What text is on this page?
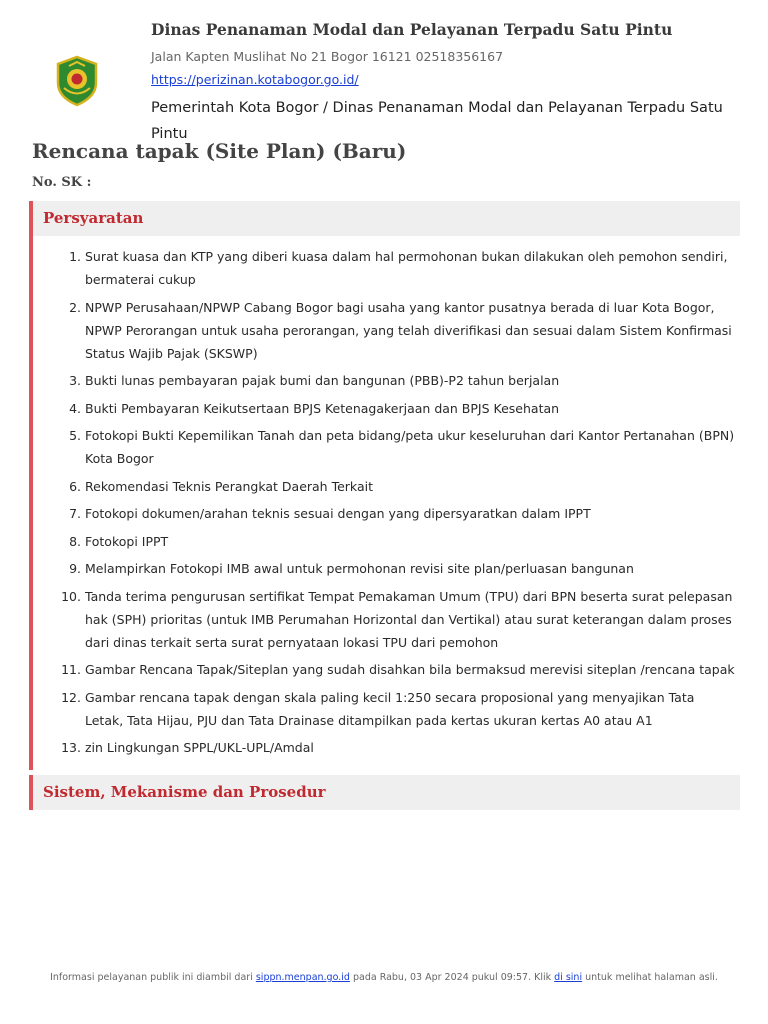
Dinas Penanaman Modal dan Pelayanan Terpadu Satu Pintu
Jalan Kapten Muslihat No 21 Bogor 16121 02518356167
https://perizinan.kotabogor.go.id/
Pemerintah Kota Bogor / Dinas Penanaman Modal dan Pelayanan Terpadu Satu Pintu
Rencana tapak (Site Plan) (Baru)
No. SK :
Persyaratan
1. Surat kuasa dan KTP yang diberi kuasa dalam hal permohonan bukan dilakukan oleh pemohon sendiri, bermaterai cukup
2. NPWP Perusahaan/NPWP Cabang Bogor bagi usaha yang kantor pusatnya berada di luar Kota Bogor, NPWP Perorangan untuk usaha perorangan, yang telah diverifikasi dan sesuai dalam Sistem Konfirmasi Status Wajib Pajak (SKSWP)
3. Bukti lunas pembayaran pajak bumi dan bangunan (PBB)-P2 tahun berjalan
4. Bukti Pembayaran Keikutsertaan BPJS Ketenagakerjaan dan BPJS Kesehatan
5. Fotokopi Bukti Kepemilikan Tanah dan peta bidang/peta ukur keseluruhan dari Kantor Pertanahan (BPN) Kota Bogor
6. Rekomendasi Teknis Perangkat Daerah Terkait
7. Fotokopi dokumen/arahan teknis sesuai dengan yang dipersyaratkan dalam IPPT
8. Fotokopi IPPT
9. Melampirkan Fotokopi IMB awal untuk permohonan revisi site plan/perluasan bangunan
10. Tanda terima pengurusan sertifikat Tempat Pemakaman Umum (TPU) dari BPN beserta surat pelepasan hak (SPH) prioritas (untuk IMB Perumahan Horizontal dan Vertikal) atau surat keterangan dalam proses dari dinas terkait serta surat pernyataan lokasi TPU dari pemohon
11. Gambar Rencana Tapak/Siteplan yang sudah disahkan bila bermaksud merevisi siteplan /rencana tapak
12. Gambar rencana tapak dengan skala paling kecil 1:250 secara proposional yang menyajikan Tata Letak, Tata Hijau, PJU dan Tata Drainase ditampilkan pada kertas ukuran kertas A0 atau A1
13. zin Lingkungan SPPL/UKL-UPL/Amdal
Sistem, Mekanisme dan Prosedur
Informasi pelayanan publik ini diambil dari sippn.menpan.go.id pada Rabu, 03 Apr 2024 pukul 09:57. Klik di sini untuk melihat halaman asli.
